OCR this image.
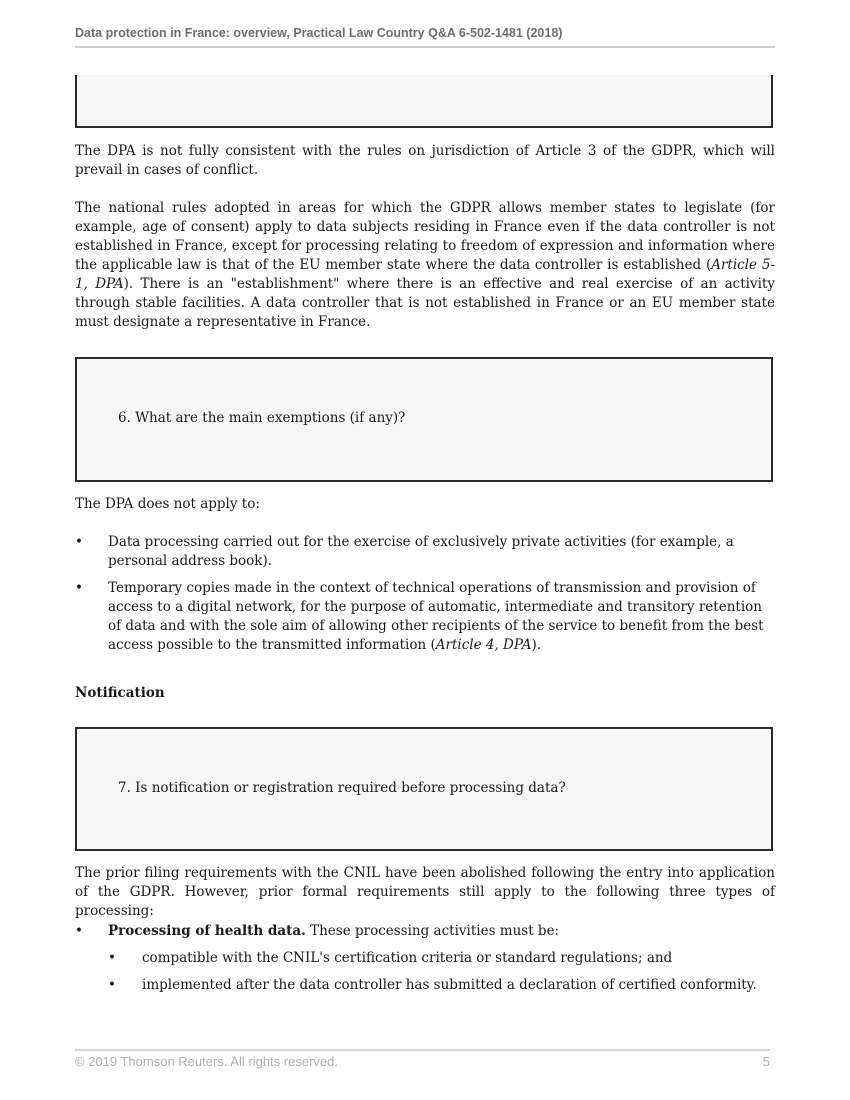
Data protection in France: overview, Practical Law Country Q&A 6-502-1481 (2018)

The DPA is not fully consistent with the rules on jurisdiction of Article 3 of the GDPR, which will prevail in cases of conflict.

The national rules adopted in areas for which the GDPR allows member states to legislate (for example, age of consent) apply to data subjects residing in France even if the data controller is not established in France, except for processing relating to freedom of expression and information where the applicable law is that of the EU member state where the data controller is established (Article 5-1, DPA). There is an "establishment" where there is an effective and real exercise of an activity through stable facilities. A data controller that is not established in France or an EU member state must designate a representative in France.

6. What are the main exemptions (if any)?

The DPA does not apply to:

• Data processing carried out for the exercise of exclusively private activities (for example, a personal address book).
• Temporary copies made in the context of technical operations of transmission and provision of access to a digital network, for the purpose of automatic, intermediate and transitory retention of data and with the sole aim of allowing other recipients of the service to benefit from the best access possible to the transmitted information (Article 4, DPA).
Notification
7. Is notification or registration required before processing data?

The prior filing requirements with the CNIL have been abolished following the entry into application of the GDPR. However, prior formal requirements still apply to the following three types of processing:

• Processing of health data. These processing activities must be:
• compatible with the CNIL's certification criteria or standard regulations; and
• implemented after the data controller has submitted a declaration of certified conformity.
© 2019 Thomson Reuters. All rights reserved.	5
